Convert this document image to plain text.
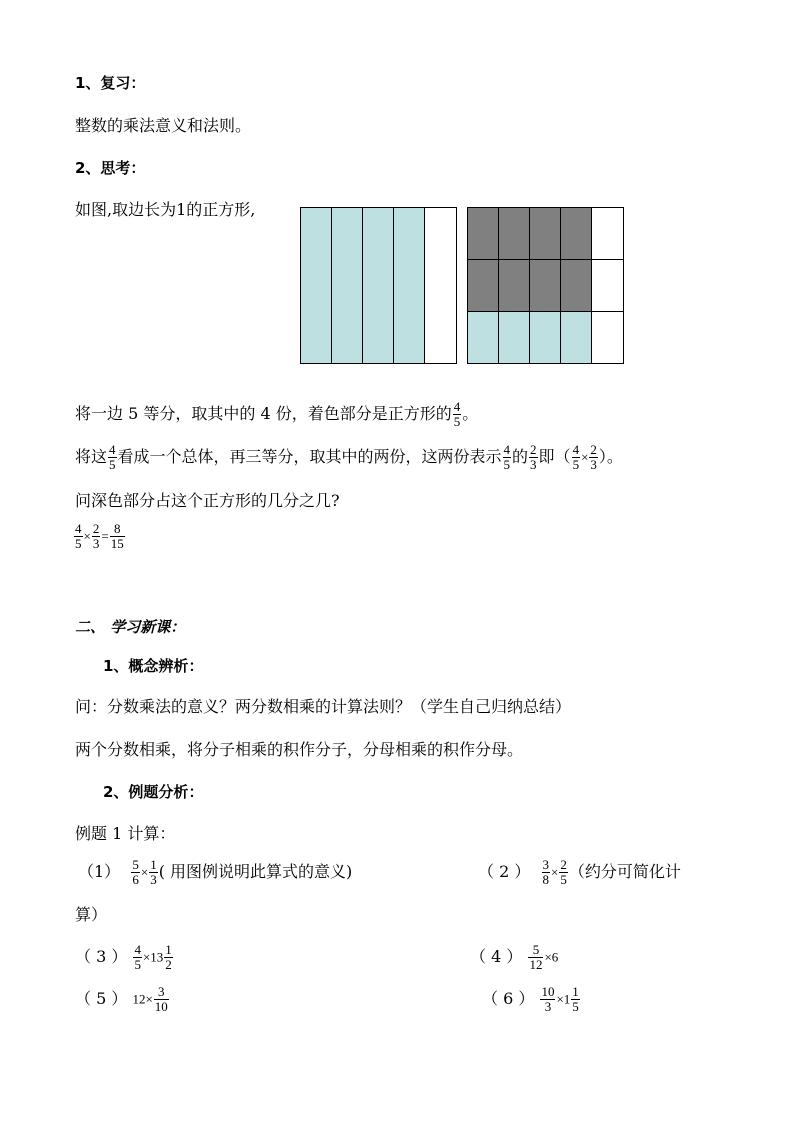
1、复习：
整数的乘法意义和法则。
2、思考：
如图,取边长为1的正方形,
将一边 5 等分，取其中的 4 份，着色部分是正方形的 $\frac{4}{5}$ 。
将这 $\frac{4}{5}$ 看成一个总体，再三等分，取其中的两份，这两份表示 $\frac{4}{5}$ 的 $\frac{2}{3}$ 即（ $\frac{4}{5} \times \frac{2}{3}$ ）。
问深色部分占这个正方形的几分之几?
$\frac{4}{5} \times \frac{2}{3} = \frac{8}{15}$
二、 学习新课：
1、概念辨析：
问：分数乘法的意义？两分数相乘的计算法则？（学生自己归纳总结）
两个分数相乘，将分子相乘的积作分子，分母相乘的积作分母。
2、例题分析：
例题 1 计算：
$(1) \frac{5}{6} \times \frac{1}{3}$ ( 用图例说明此算式的意义)	（ 2 ） $\frac{3}{8} \times \frac{2}{5}$ （约分可简化计
算）
（ 3 ） $\frac{4}{5} \times 13 \frac{1}{2}$	（ 4 ） $\frac{5}{12} \times 6$
（ 5 ） $12\times \frac{3}{10}$	（ 6 ） $\frac{10}{3} \times 1 \frac{1}{5}$
